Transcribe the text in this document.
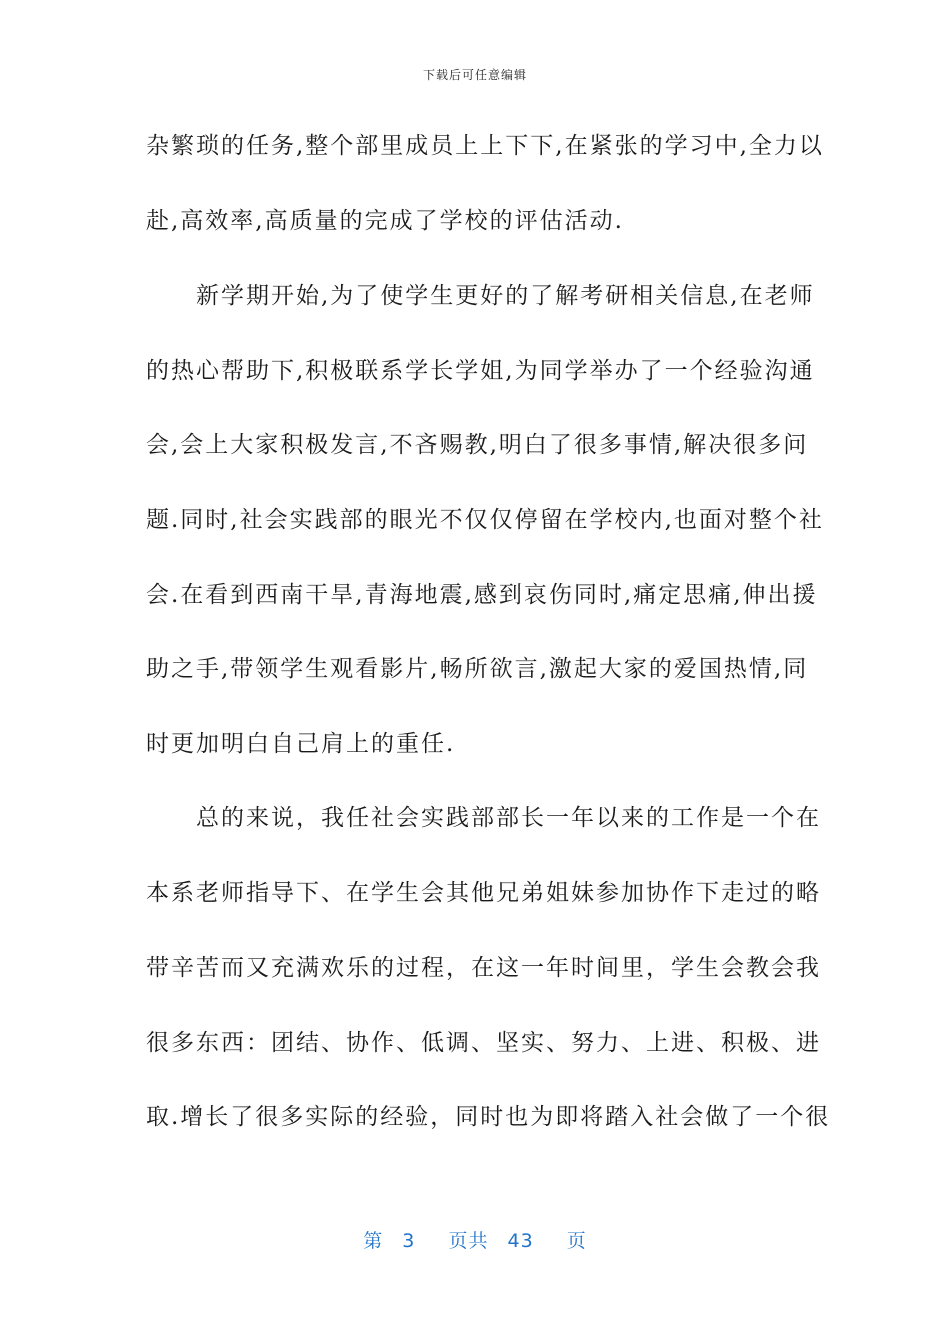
下载后可任意编辑
杂繁琐的任务,整个部里成员上上下下,在紧张的学习中,全力以
赴,高效率,高质量的完成了学校的评估活动.
　　新学期开始,为了使学生更好的了解考研相关信息,在老师
的热心帮助下,积极联系学长学姐,为同学举办了一个经验沟通
会,会上大家积极发言,不吝赐教,明白了很多事情,解决很多问
题.同时,社会实践部的眼光不仅仅停留在学校内,也面对整个社
会.在看到西南干旱,青海地震,感到哀伤同时,痛定思痛,伸出援
助之手,带领学生观看影片,畅所欲言,激起大家的爱国热情,同
时更加明白自己肩上的重任.
　　总的来说，我任社会实践部部长一年以来的工作是一个在
本系老师指导下、在学生会其他兄弟姐妹参加协作下走过的略
带辛苦而又充满欢乐的过程，在这一年时间里，学生会教会我
很多东西：团结、协作、低调、坚实、努力、上进、积极、进
取.增长了很多实际的经验，同时也为即将踏入社会做了一个很
第 3 页共 43 页
